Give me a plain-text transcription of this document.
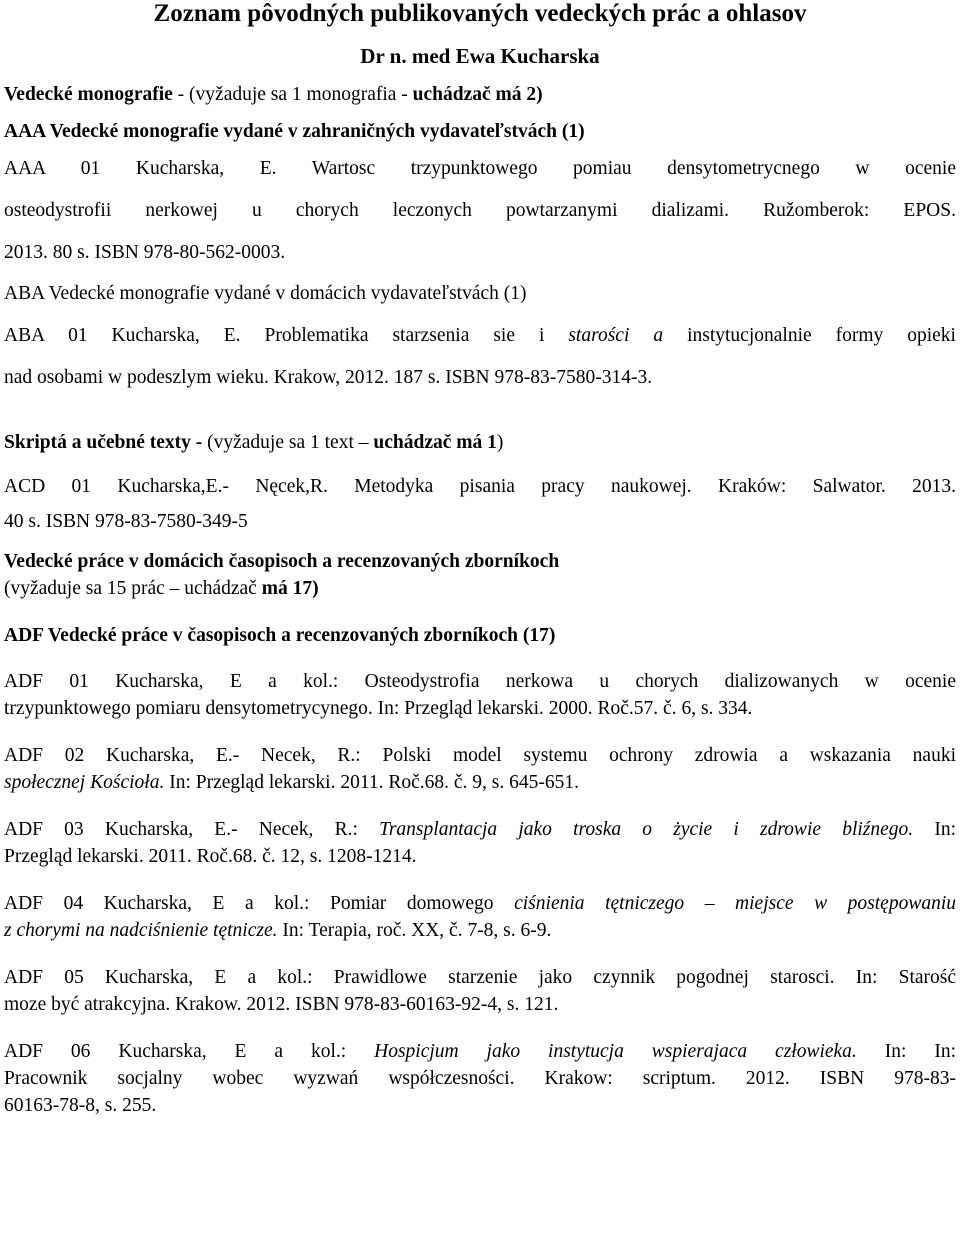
Zoznam pôvodných publikovaných vedeckých prác a ohlasov
Dr n. med Ewa Kucharska
Vedecké monografie - (vyžaduje sa 1 monografia - uchádzač má 2)
AAA Vedecké monografie vydané v zahraničných vydavateľstvách (1)
AAA 01 Kucharska, E. Wartosc trzypunktowego pomiau densytometrycnego w ocenie
osteodystrofii nerkowej u chorych leczonych powtarzanymi dializami. Ružomberok: EPOS.
2013. 80 s. ISBN 978-80-562-0003.
ABA Vedecké monografie vydané v domácich vydavateľstvách (1)
ABA 01 Kucharska, E. Problematika starzsenia sie i starości a instytucjonalnie formy opieki
nad osobami w podeszlym wieku. Krakow, 2012. 187 s. ISBN 978-83-7580-314-3.
Skriptá a učebné texty - (vyžaduje sa 1 text – uchádzač má 1)
ACD 01 Kucharska,E.- Nęcek,R. Metodyka pisania pracy naukowej. Kraków: Salwator. 2013.
40 s. ISBN 978-83-7580-349-5
Vedecké práce v domácich časopisoch a recenzovaných zborníkoch
(vyžaduje sa 15 prác – uchádzač má 17)
ADF Vedecké práce v časopisoch a recenzovaných zborníkoch (17)
ADF 01 Kucharska, E a kol.: Osteodystrofia nerkowa u chorych dializowanych w ocenie
trzypunktowego pomiaru densytometrycynego. In: Przegląd lekarski. 2000. Roč.57. č. 6, s. 334.
ADF 02 Kucharska, E.- Necek, R.: Polski model systemu ochrony zdrowia a wskazania nauki
społecznej Kościoła. In: Przegląd lekarski. 2011. Roč.68. č. 9, s. 645-651.
ADF 03 Kucharska, E.- Necek, R.: Transplantacja jako troska o życie i zdrowie bliźnego. In:
Przegląd lekarski. 2011. Roč.68. č. 12, s. 1208-1214.
ADF 04 Kucharska, E a kol.: Pomiar domowego ciśnienia tętniczego – miejsce w postępowaniu
z chorymi na nadciśnienie tętnicze. In: Terapia, roč. XX, č. 7-8, s. 6-9.
ADF 05 Kucharska, E a kol.: Prawidlowe starzenie jako czynnik pogodnej starosci. In: Starość
moze być atrakcyjna. Krakow. 2012. ISBN 978-83-60163-92-4, s. 121.
ADF 06 Kucharska, E a kol.: Hospicjum jako instytucja wspierajaca człowieka. In: In:
Pracownik socjalny wobec wyzwań współczesności. Krakow: scriptum. 2012. ISBN 978-83-
60163-78-8, s. 255.
